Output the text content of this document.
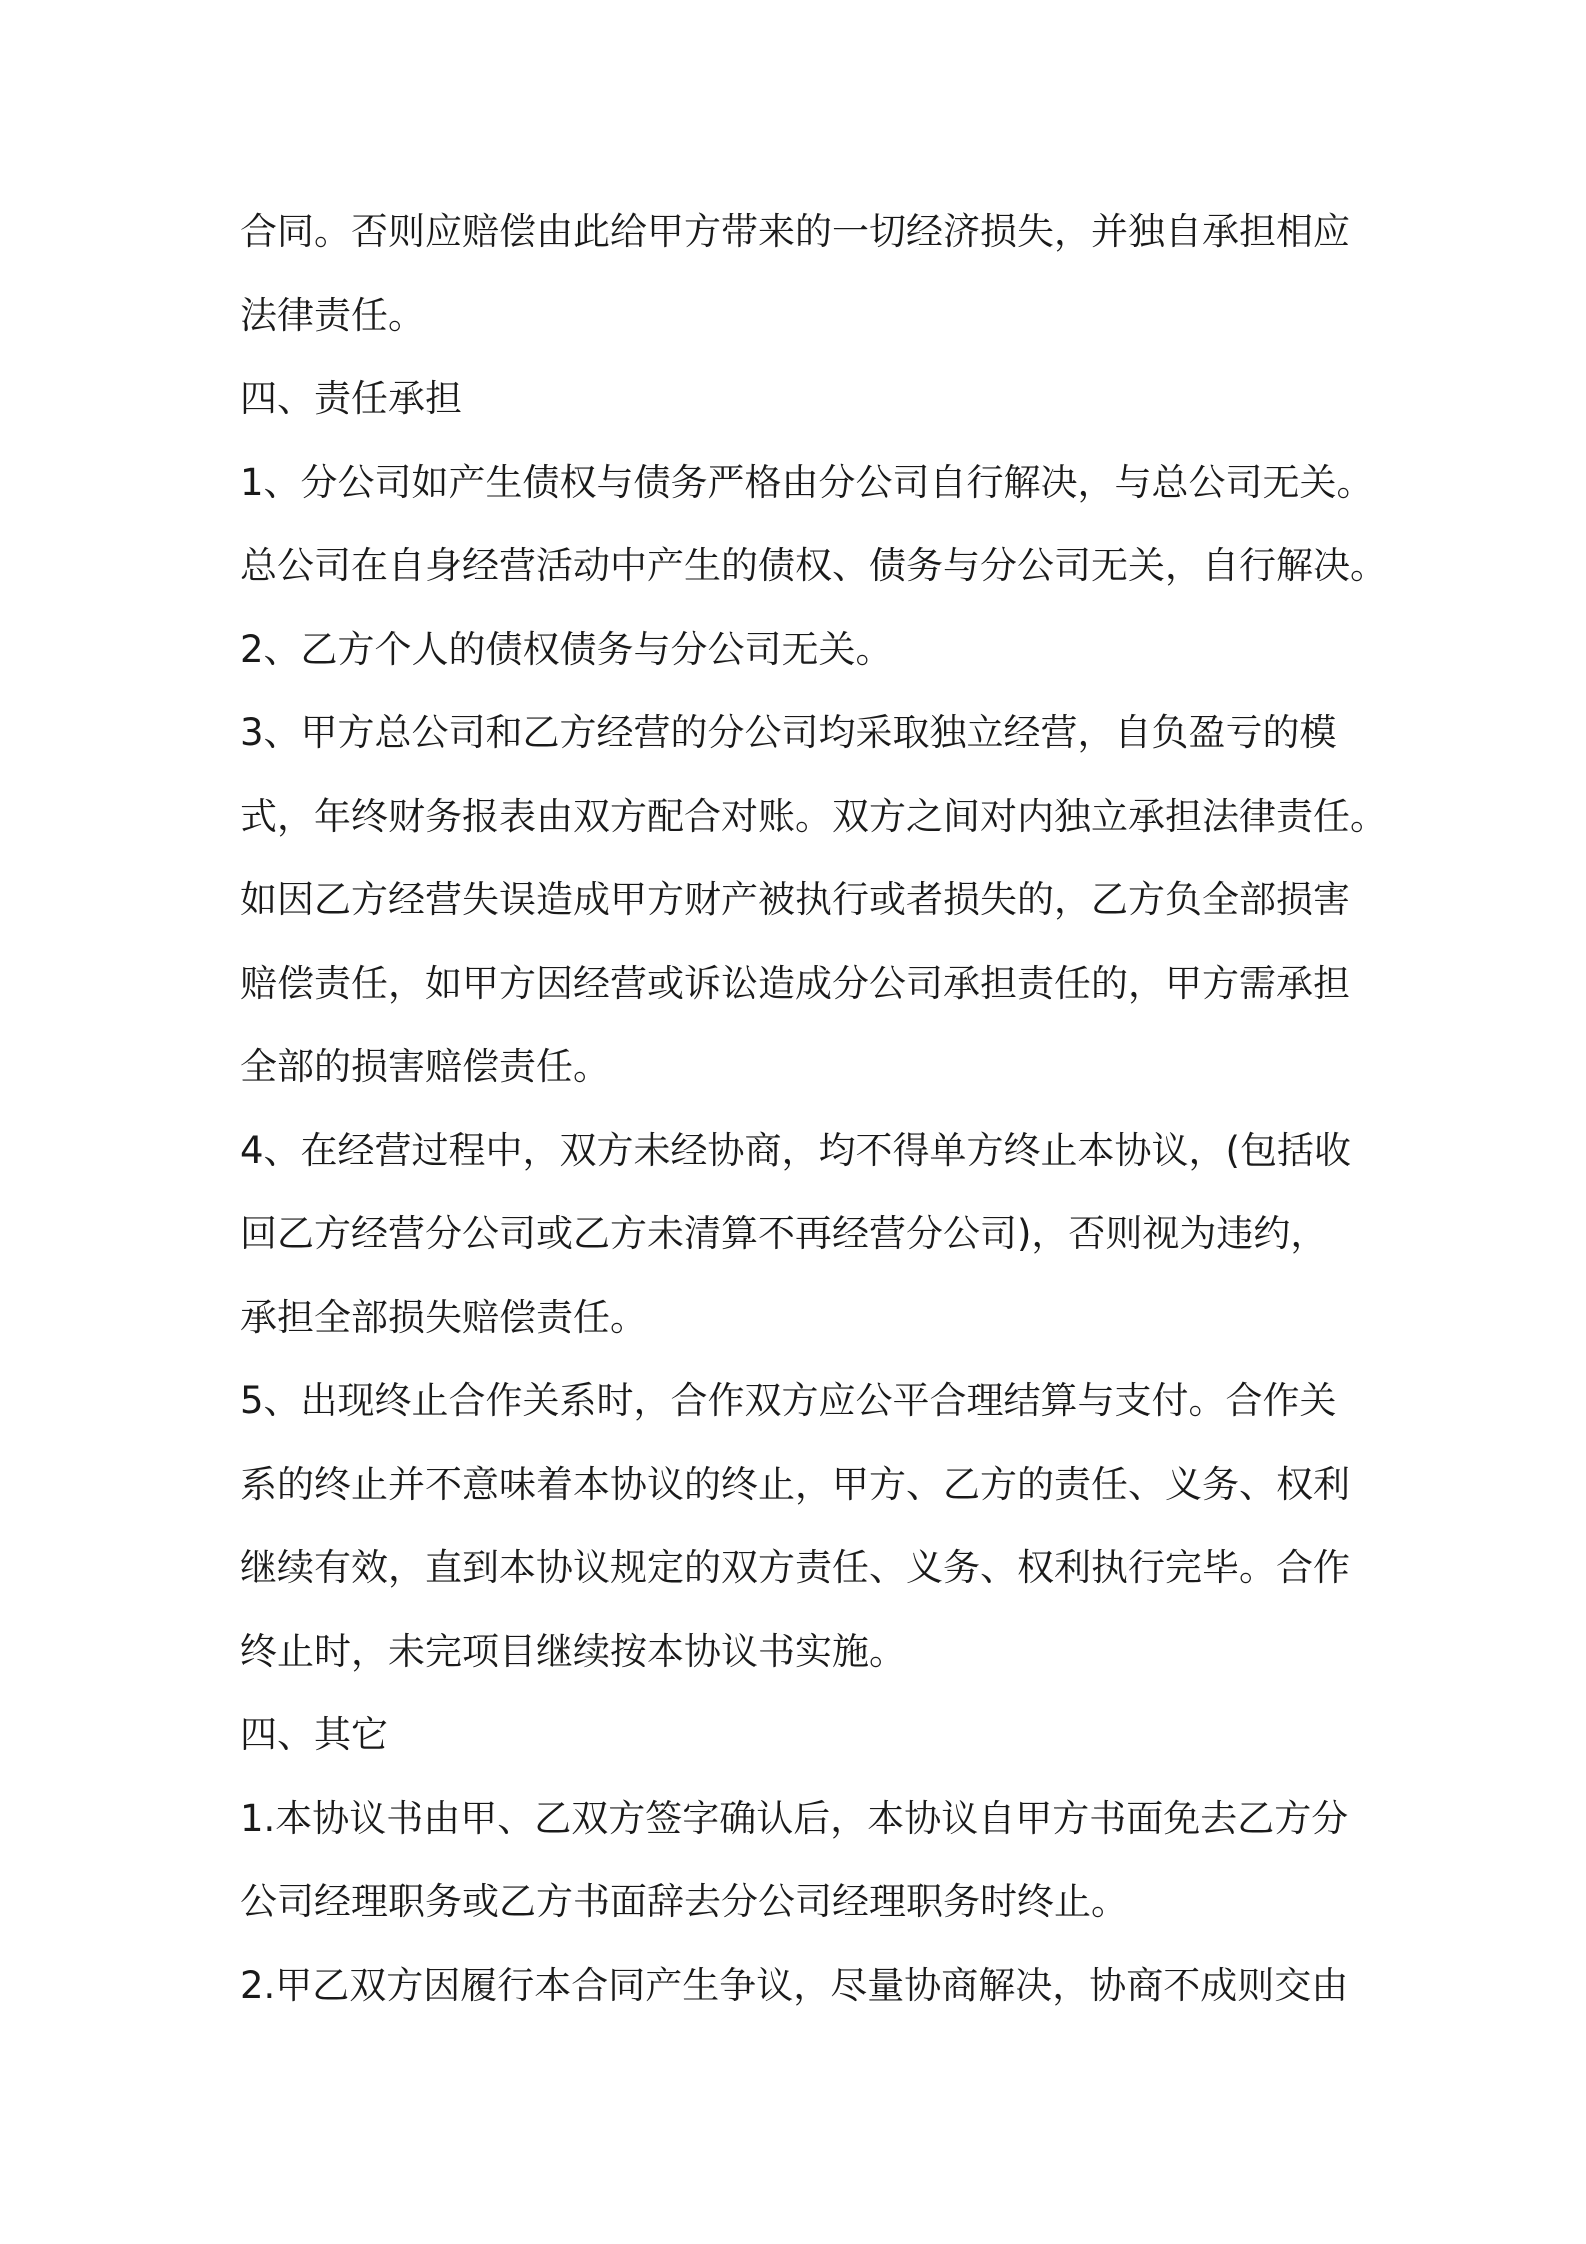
合同。否则应赔偿由此给甲方带来的一切经济损失，并独自承担相应
法律责任。
四、责任承担
1、分公司如产生债权与债务严格由分公司自行解决，与总公司无关。
总公司在自身经营活动中产生的债权、债务与分公司无关，自行解决。
2、乙方个人的债权债务与分公司无关。
3、甲方总公司和乙方经营的分公司均采取独立经营，自负盈亏的模
式，年终财务报表由双方配合对账。双方之间对内独立承担法律责任。
如因乙方经营失误造成甲方财产被执行或者损失的，乙方负全部损害
赔偿责任，如甲方因经营或诉讼造成分公司承担责任的，甲方需承担
全部的损害赔偿责任。
4、在经营过程中，双方未经协商，均不得单方终止本协议，(包括收
回乙方经营分公司或乙方未清算不再经营分公司)，否则视为违约，
承担全部损失赔偿责任。
5、出现终止合作关系时，合作双方应公平合理结算与支付。合作关
系的终止并不意味着本协议的终止，甲方、乙方的责任、义务、权利
继续有效，直到本协议规定的双方责任、义务、权利执行完毕。合作
终止时，未完项目继续按本协议书实施。
四、其它
1.本协议书由甲、乙双方签字确认后，本协议自甲方书面免去乙方分
公司经理职务或乙方书面辞去分公司经理职务时终止。
2.甲乙双方因履行本合同产生争议，尽量协商解决，协商不成则交由
